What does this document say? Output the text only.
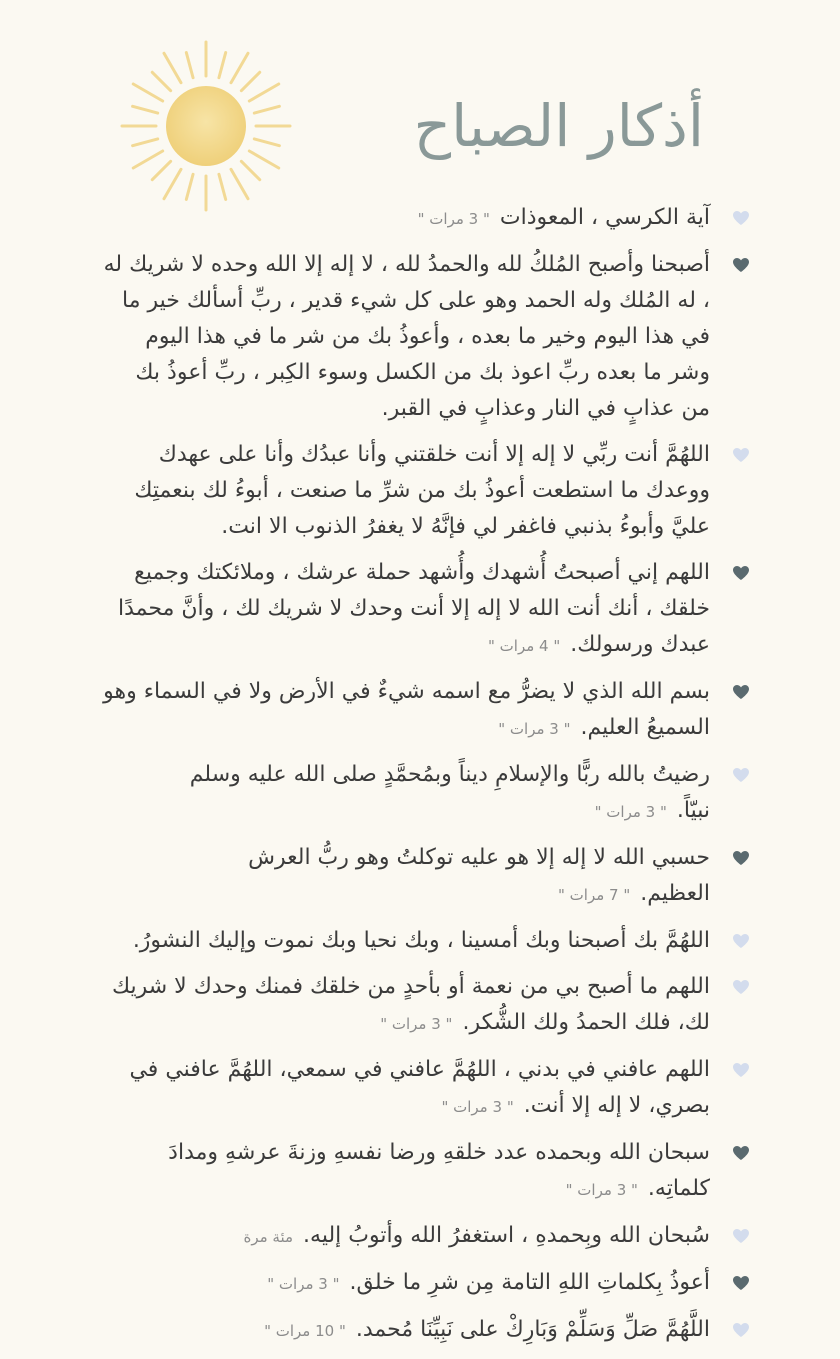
أذكار الصباح
آية الكرسي ، المعوذات" 3 مرات "
أصبحنا وأصبح المُلكُ لله والحمدُ لله ، لا إله إلا الله وحده لا شريك له ، له المُلك وله الحمد وهو على كل شيء قدير ، ربِّ أسألك خير ما في هذا اليوم وخير ما بعده ، وأعوذُ بك من شر ما في هذا اليوم وشر ما بعده ربِّ اعوذ بك من الكسل وسوء الكِبر ، ربِّ أعوذُ بك من عذابٍ في النار وعذابٍ في القبر.
اللهُمَّ أنت ربِّي لا إله إلا أنت خلقتني وأنا عبدُك وأنا على عهدك ووعدك ما استطعت أعوذُ بك من شرِّ ما صنعت ، أبوءُ لك بنعمتِك عليَّ وأبوءُ بذنبي فاغفر لي فإنَّهُ لا يغفرُ الذنوب الا انت.
اللهم إني أصبحتُ أُشهدك وأُشهد حملة عرشك ، وملائكتك وجميع خلقك ، أنك أنت الله لا إله إلا أنت وحدك لا شريك لك ، وأنَّ محمدًا عبدك ورسولك." 4 مرات "
بسم الله الذي لا يضرُّ مع اسمه شيءٌ في الأرض ولا في السماء وهو السميعُ العليم." 3 مرات "
رضيتُ بالله ربًّا والإسلامِ ديناً وبمُحمَّدٍ صلى الله عليه وسلم نبيّاً." 3 مرات "
حسبي الله لا إله إلا هو عليه توكلتُ وهو ربُّ العرش العظيم." 7 مرات "
اللهُمَّ بك أصبحنا وبك أمسينا ، وبك نحيا وبك نموت وإليك النشورُ.
اللهم ما أصبح بي من نعمة أو بأحدٍ من خلقك فمنك وحدك لا شريك لك، فلك الحمدُ ولك الشُّكر." 3 مرات "
اللهم عافني في بدني ، اللهُمَّ عافني في سمعي، اللهُمَّ عافني في بصري، لا إله إلا أنت." 3 مرات "
سبحان الله وبحمده عدد خلقهِ ورضا نفسهِ وزنةَ عرشهِ ومدادَ كلماتِه." 3 مرات "
سُبحان الله وبِحمدهِ ، استغفرُ الله وأتوبُ إليه.مئة مرة
أعوذُ بِكلماتِ اللهِ التامة مِن شرِ ما خلق." 3 مرات "
اللَّهُمَّ صَلِّ وَسَلِّمْ وَبَارِكْ على نَبِيِّنَا مُحمد." 10 مرات "
